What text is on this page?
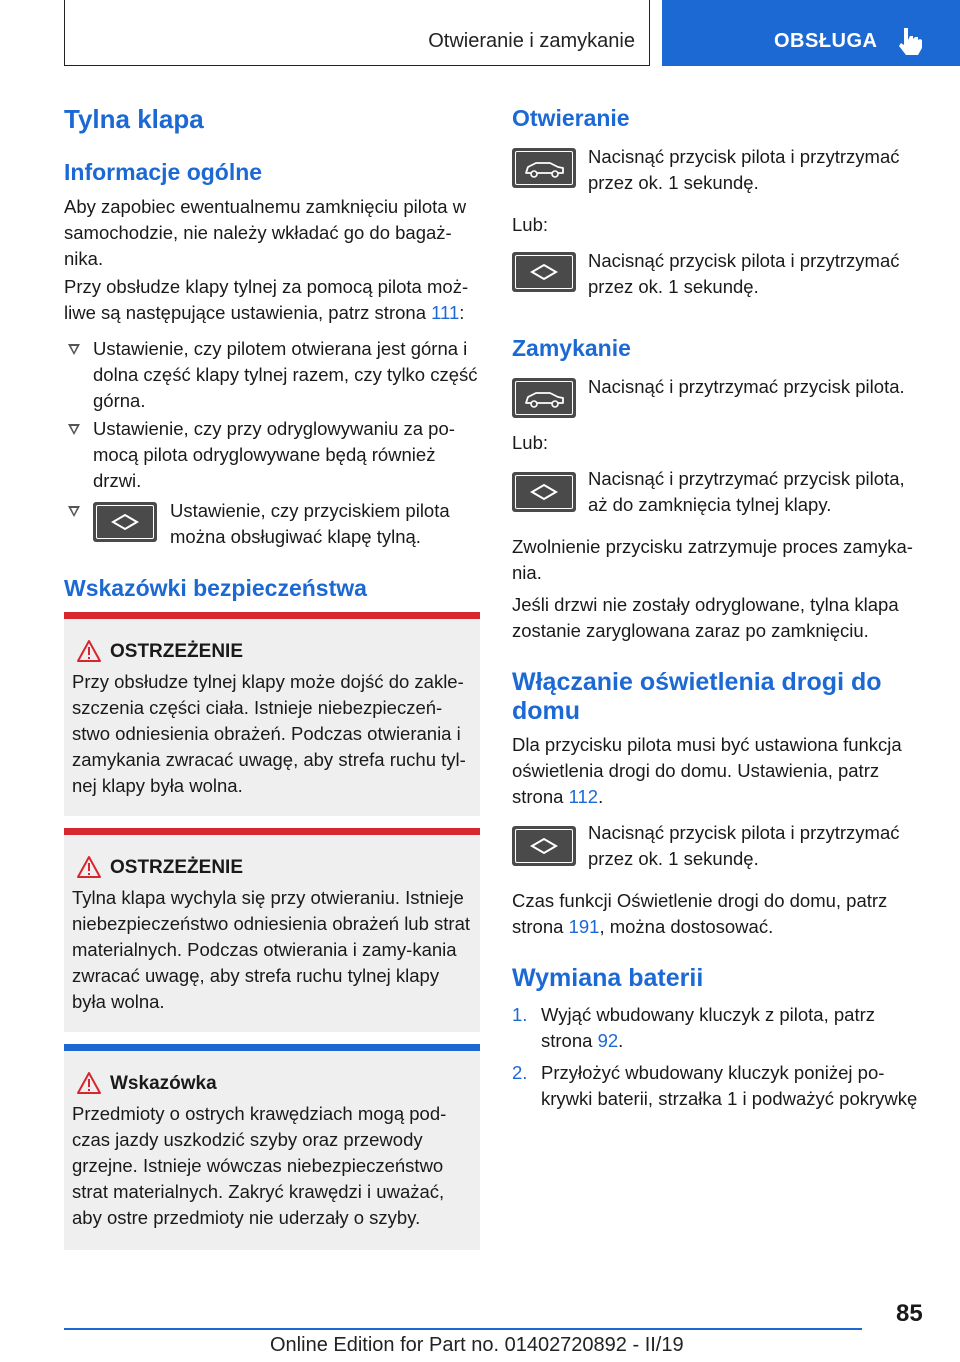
Otwieranie i zamykanie	OBSŁUGA
Tylna klapa
Informacje ogólne
Aby zapobiec ewentualnemu zamknięciu pilota w samochodzie, nie należy wkładać go do bagaż‐nika.
Przy obsłudze klapy tylnej za pomocą pilota moż‐liwe są następujące ustawienia, patrz strona 111:
Ustawienie, czy pilotem otwierana jest górna i dolna część klapy tylnej razem, czy tylko część górna.
Ustawienie, czy przy odryglowywaniu za po‐mocą pilota odryglowywane będą również drzwi.
Ustawienie, czy przyciskiem pilota można obsługiwać klapę tylną.
Wskazówki bezpieczeństwa
OSTRZEŻENIE
Przy obsłudze tylnej klapy może dojść do zakle‐szczenia części ciała. Istnieje niebezpieczeń‐stwo odniesienia obrażeń. Podczas otwierania i zamykania zwracać uwagę, aby strefa ruchu tyl‐nej klapy była wolna.
OSTRZEŻENIE
Tylna klapa wychyla się przy otwieraniu. Istnieje niebezpieczeństwo odniesienia obrażeń lub strat materialnych. Podczas otwierania i zamy‐kania zwracać uwagę, aby strefa ruchu tylnej klapy była wolna.
Wskazówka
Przedmioty o ostrych krawędziach mogą pod‐czas jazdy uszkodzić szyby oraz przewody grzejne. Istnieje wówczas niebezpieczeństwo strat materialnych. Zakryć krawędzi i uważać, aby ostre przedmioty nie uderzały o szyby.
Otwieranie
Nacisnąć przycisk pilota i przytrzymać przez ok. 1 sekundę.
Lub:
Nacisnąć przycisk pilota i przytrzymać przez ok. 1 sekundę.
Zamykanie
Nacisnąć i przytrzymać przycisk pilota.
Lub:
Nacisnąć i przytrzymać przycisk pilota, aż do zamknięcia tylnej klapy.
Zwolnienie przycisku zatrzymuje proces zamyka‐nia.
Jeśli drzwi nie zostały odryglowane, tylna klapa zostanie zaryglowana zaraz po zamknięciu.
Włączanie oświetlenia drogi do domu
Dla przycisku pilota musi być ustawiona funkcja oświetlenia drogi do domu. Ustawienia, patrz strona 112.
Nacisnąć przycisk pilota i przytrzymać przez ok. 1 sekundę.
Czas funkcji Oświetlenie drogi do domu, patrz strona 191, można dostosować.
Wymiana baterii
1. Wyjąć wbudowany kluczyk z pilota, patrz strona 92.
2. Przyłożyć wbudowany kluczyk poniżej po‐krywki baterii, strzałka 1 i podważyć pokrywkę
85
Online Edition for Part no. 01402720892 - II/19
